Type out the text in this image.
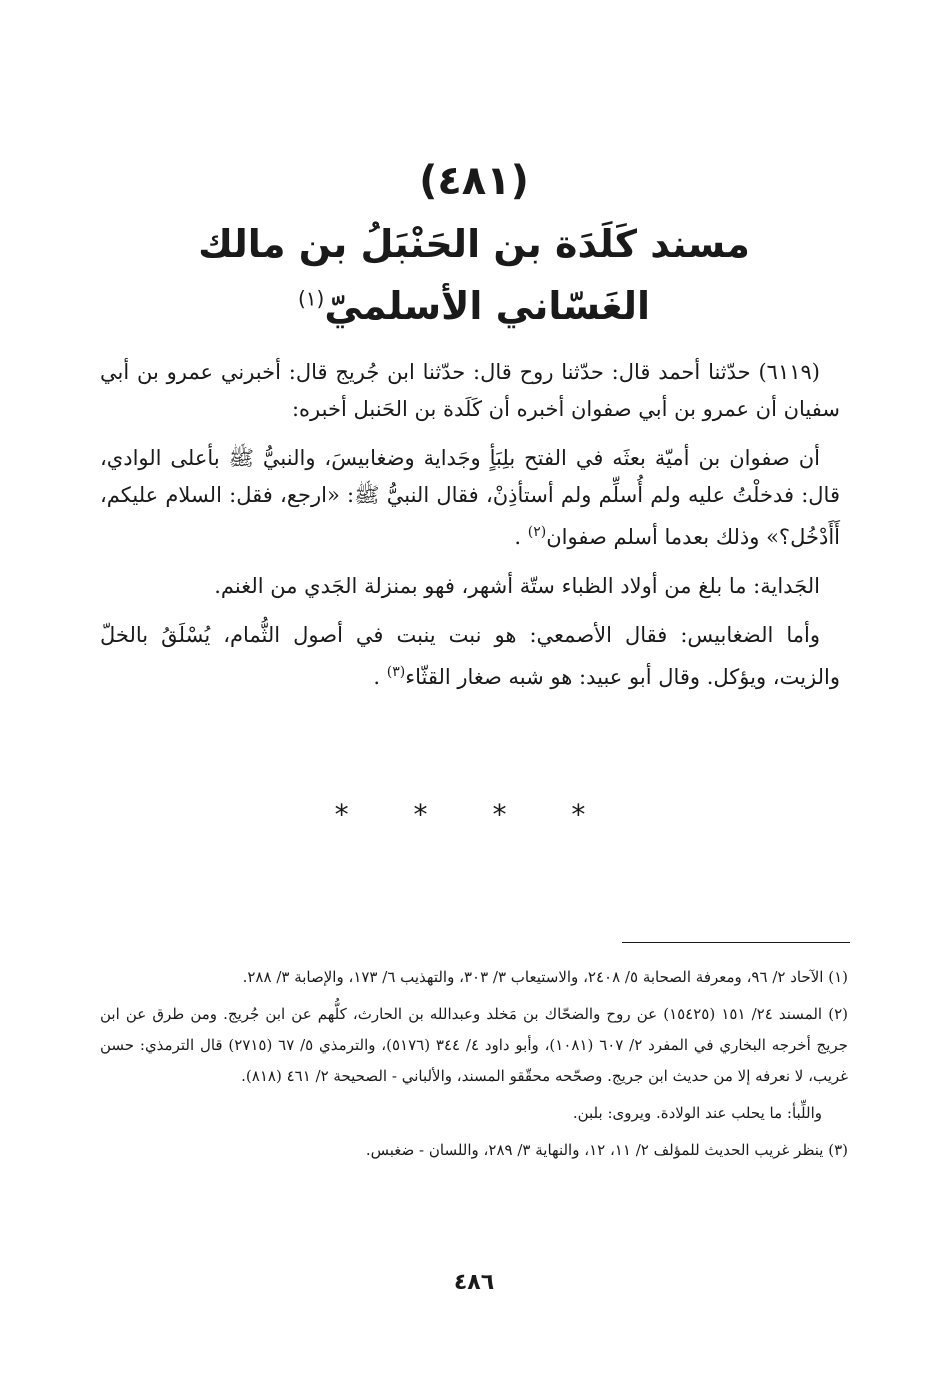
(٤٨١)
مسند كَلَدَة بن الحَنْبَلُ بن مالك
الغَسّاني الأسلميّ$^{(١)}$

(٦١١٩) حدّثنا أحمد قال: حدّثنا روح قال: حدّثنا ابن جُريج قال: أخبرني عمرو بن أبي سفيان أن عمرو بن أبي صفوان أخبره أن كَلَدة بن الحَنبل أخبره:

أن صفوان بن أميّة بعثَه في الفتح بلِبَأٍ وجَداية وضغابيسَ، والنبيُّ ﷺ بأعلى الوادي، قال: فدخلْتُ عليه ولم أُسلِّم ولم أستأذِنْ، فقال النبيُّ ﷺ: «ارجع، فقل: السلام عليكم، أَأَدْخُل؟» وذلك بعدما أسلم صفوان$^{(٢)}$ .

الجَداية: ما بلغ من أولاد الظباء ستّة أشهر، فهو بمنزلة الجَدي من الغنم.

وأما الضغابيس: فقال الأصمعي: هو نبت ينبت في أصول الثُّمام، يُسْلَقُ بالخلّ والزيت، ويؤكل. وقال أبو عبيد: هو شبه صغار القثّاء$^{(٣)}$ .

* * * *

(١) الآحاد ٢/ ٩٦، ومعرفة الصحابة ٥/ ٢٤٠٨، والاستيعاب ٣/ ٣٠٣، والتهذيب ٦/ ١٧٣، والإصابة ٣/ ٢٨٨.

(٢) المسند ٢٤/ ١٥١ (١٥٤٢٥) عن روح والضحّاك بن مَخلد وعبدالله بن الحارث، كلُّهم عن ابن جُريج. ومن طرق عن ابن جريج أخرجه البخاري في المفرد ٢/ ٦٠٧ (١٠٨١)، وأبو داود ٤/ ٣٤٤ (٥١٧٦)، والترمذي ٥/ ٦٧ (٢٧١٥) قال الترمذي: حسن غريب، لا نعرفه إلا من حديث ابن جريج. وصحّحه محقّقو المسند، والألباني - الصحيحة ٢/ ٤٦١ (٨١٨).

واللِّبأ: ما يحلب عند الولادة. ويروى: بلبن.

(٣) ينظر غريب الحديث للمؤلف ٢/ ١١، ١٢، والنهاية ٣/ ٢٨٩، واللسان - ضغبس.

٤٨٦
